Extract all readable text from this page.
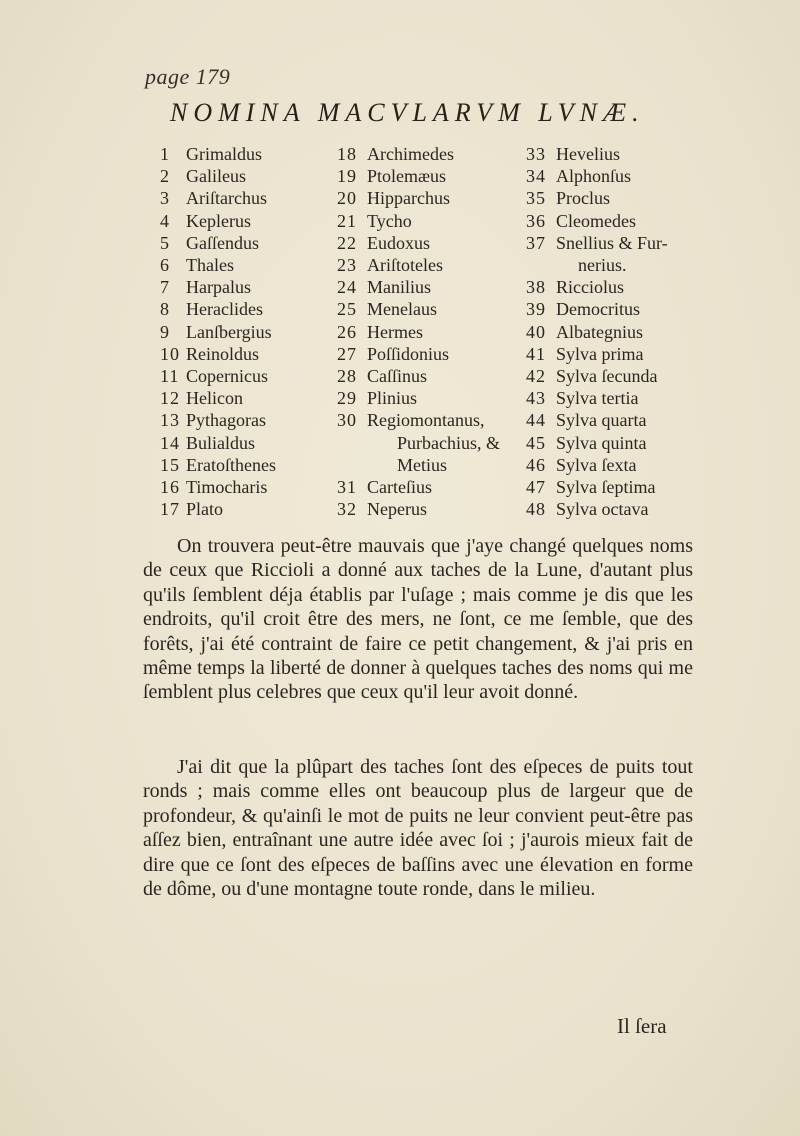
page 179
NOMINA MACVLARVM LVNÆ.
1 Grimaldus
2 Galileus
3 Ariſtarchus
4 Keplerus
5 Gaſſendus
6 Thales
7 Harpalus
8 Heraclides
9 Lanſbergius
10 Reinoldus
11 Copernicus
12 Helicon
13 Pythagoras
14 Bulialdus
15 Eratoſthenes
16 Timocharis
17 Plato
18 Archimedes
19 Ptolemæus
20 Hipparchus
21 Tycho
22 Eudoxus
23 Ariſtoteles
24 Manilius
25 Menelaus
26 Hermes
27 Poſſidonius
28 Caſſinus
29 Plinius
30 Regiomontanus,
Purbachius, &
Metius
31 Carteſius
32 Neperus
33 Hevelius
34 Alphonſus
35 Proclus
36 Cleomedes
37 Snellius & Fur-
nerius.
38 Ricciolus
39 Democritus
40 Albategnius
41 Sylva prima
42 Sylva ſecunda
43 Sylva tertia
44 Sylva quarta
45 Sylva quinta
46 Sylva ſexta
47 Sylva ſeptima
48 Sylva octava

On trouvera peut-être mauvais que j'aye changé quelques noms de ceux que Riccioli a donné aux taches de la Lune, d'autant plus qu'ils ſemblent déja établis par l'uſage ; mais comme je dis que les endroits, qu'il croit être des mers, ne ſont, ce me ſemble, que des forêts, j'ai été contraint de faire ce petit changement, & j'ai pris en même temps la liberté de donner à quelques taches des noms qui me ſemblent plus celebres que ceux qu'il leur avoit donné.

J'ai dit que la plûpart des taches ſont des eſpeces de puits tout ronds ; mais comme elles ont beaucoup plus de largeur que de profondeur, & qu'ainſi le mot de puits ne leur convient peut-être pas aſſez bien, entraînant une autre idée avec ſoi ; j'aurois mieux fait de dire que ce ſont des eſpeces de baſſins avec une élevation en forme de dôme, ou d'une montagne toute ronde, dans le milieu.

Il ſera
